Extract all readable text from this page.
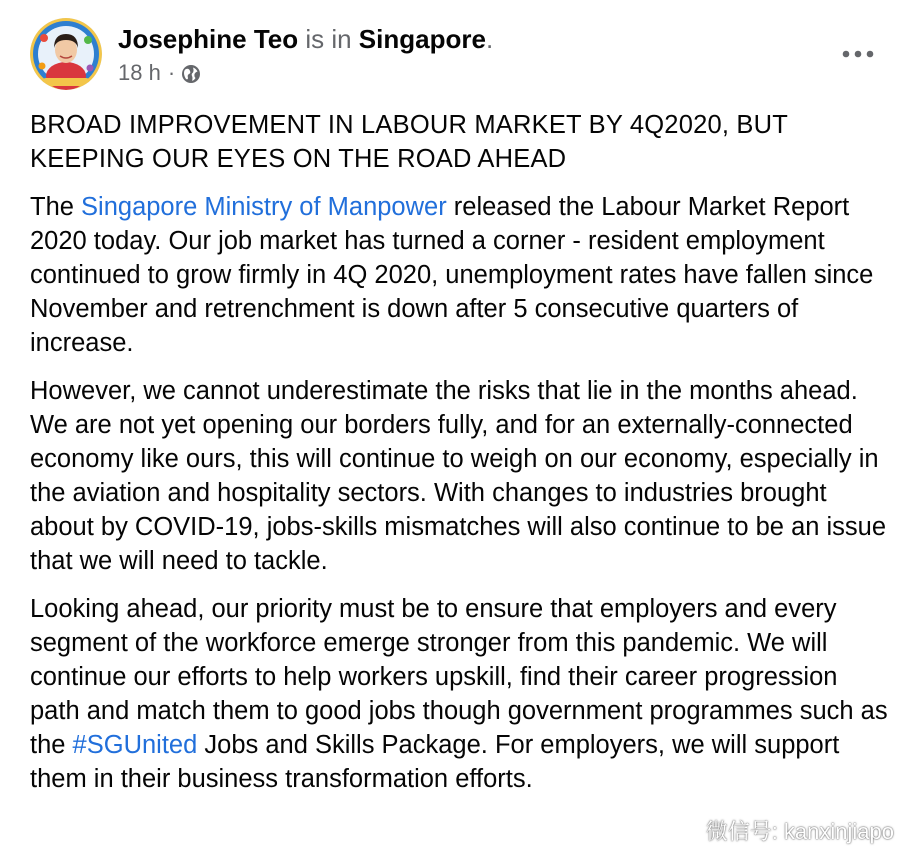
Josephine Teo is in Singapore.
18 h ·

BROAD IMPROVEMENT IN LABOUR MARKET BY 4Q2020, BUT KEEPING OUR EYES ON THE ROAD AHEAD

The Singapore Ministry of Manpower released the Labour Market Report 2020 today. Our job market has turned a corner - resident employment continued to grow firmly in 4Q 2020, unemployment rates have fallen since November and retrenchment is down after 5 consecutive quarters of increase.

However, we cannot underestimate the risks that lie in the months ahead. We are not yet opening our borders fully, and for an externally-connected economy like ours, this will continue to weigh on our economy, especially in the aviation and hospitality sectors. With changes to industries brought about by COVID-19, jobs-skills mismatches will also continue to be an issue that we will need to tackle.

Looking ahead, our priority must be to ensure that employers and every segment of the workforce emerge stronger from this pandemic. We will continue our efforts to help workers upskill, find their career progression path and match them to good jobs though government programmes such as the #SGUnited Jobs and Skills Package. For employers, we will support them in their business transformation efforts.

微信号: kanxinjiapo
